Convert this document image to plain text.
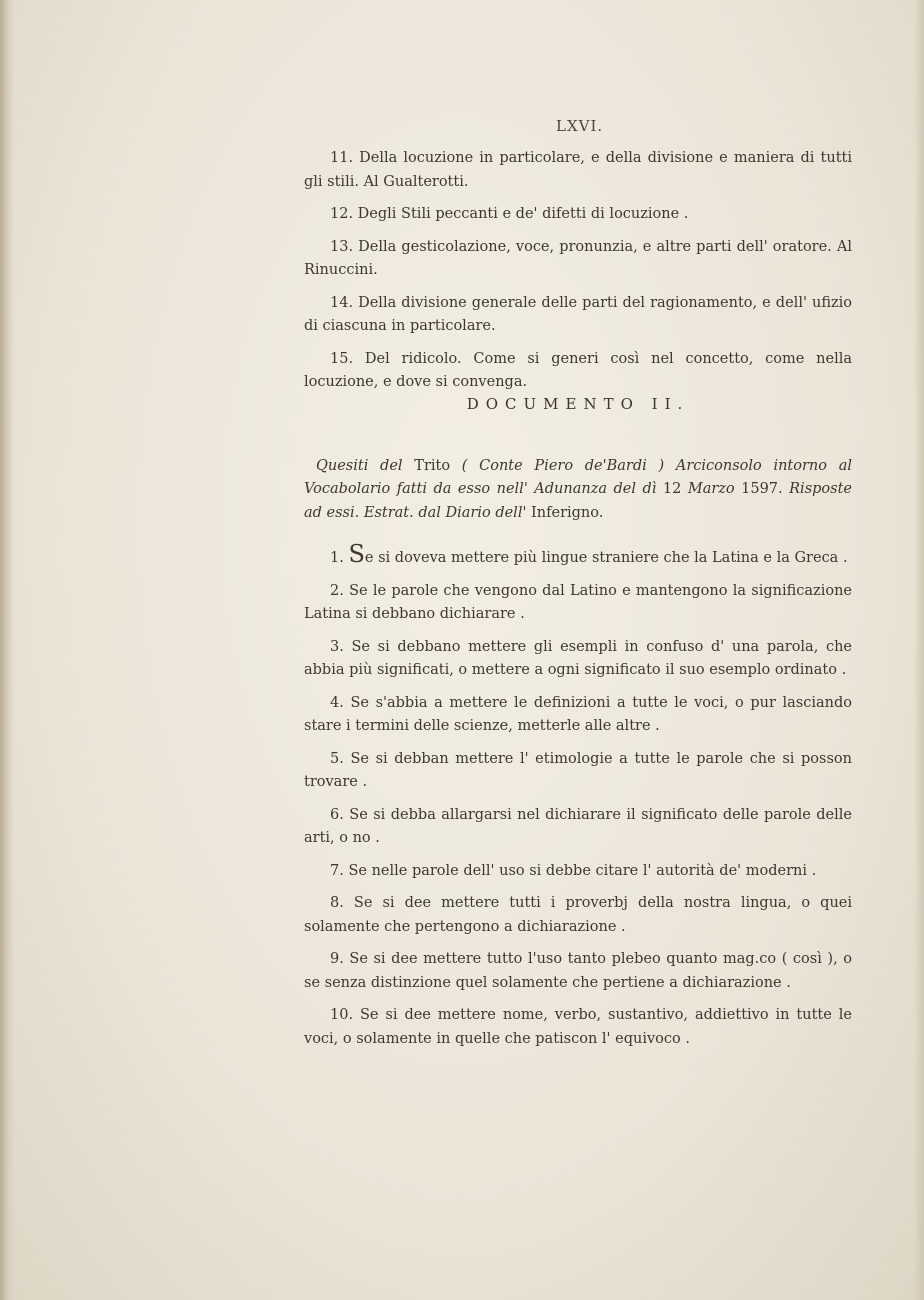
LXVI.

11. Della locuzione in particolare, e della divisione e maniera di tutti gli stili. Al Gualterotti.

12. Degli Stili peccanti e de' difetti di locuzione .

13. Della gesticolazione, voce, pronunzia, e altre parti dell' oratore. Al Rinuccini.

14. Della divisione generale delle parti del ragionamento, e dell' ufizio di ciascuna in particolare.

15. Del ridicolo. Come si generi così nel concetto, come nella locuzione, e dove si convenga.

DOCUMENTO II.

Quesiti del Trito ( Conte Piero de'Bardi ) Arciconsolo intorno al Vocabolario fatti da esso nell' Adunanza del dì 12 Marzo 1597. Risposte ad essi. Estrat. dal Diario dell' Inferigno.

1. Se si doveva mettere più lingue straniere che la Latina e la Greca .

2. Se le parole che vengono dal Latino e mantengono la significazione Latina si debbano dichiarare .

3. Se si debbano mettere gli esempli in confuso d' una parola, che abbia più significati, o mettere a ogni significato il suo esemplo ordinato .

4. Se s'abbia a mettere le definizioni a tutte le voci, o pur lasciando stare i termini delle scienze, metterle alle altre .

5. Se si debban mettere l' etimologie a tutte le parole che si posson trovare .

6. Se si debba allargarsi nel dichiarare il significato delle parole delle arti, o no .

7. Se nelle parole dell' uso si debbe citare l' autorità de' moderni .

8. Se si dee mettere tutti i proverbj della nostra lingua, o quei solamente che pertengono a dichiarazione .

9. Se si dee mettere tutto l'uso tanto plebeo quanto mag.co ( così ), o se senza distinzione quel solamente che pertiene a dichiarazione .

10. Se si dee mettere nome, verbo, sustantivo, addiettivo in tutte le voci, o solamente in quelle che patiscon l' equivoco .
